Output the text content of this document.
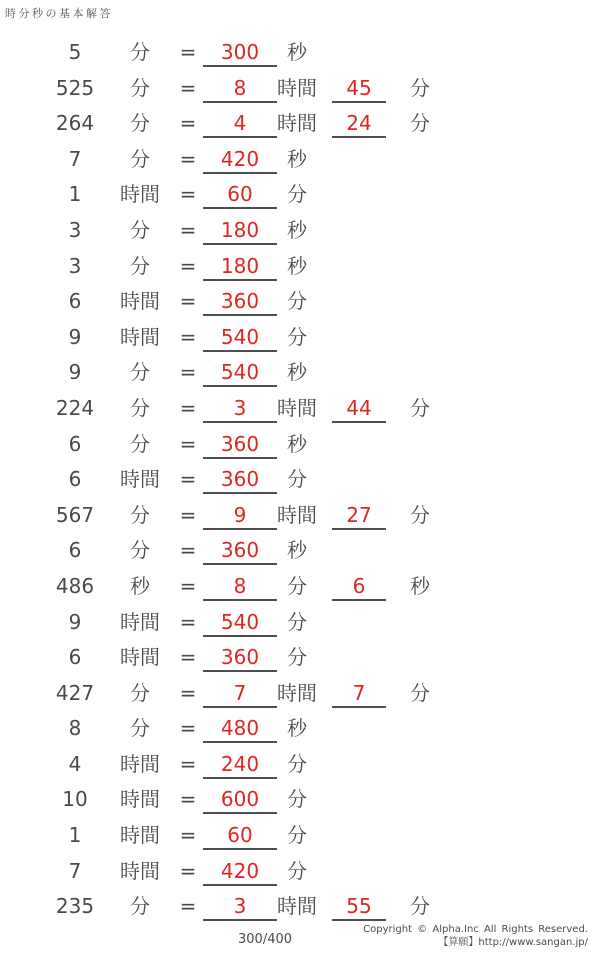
時分秒の基本解答
5	分	=	300	秒
525	分	=	8	時間	45	分
264	分	=	4	時間	24	分
7	分	=	420	秒
1	時間 =	60	分
3	分	=	180	秒
3	分	=	180	秒
6	時間 =	360	分
9	時間 =	540	分
9	分	=	540	秒
224	分	=	3	時間	44	分
6	分	=	360	秒
6	時間 =	360	分
567	分	=	9	時間	27	分
6	分	=	360	秒
486	秒	=	8	分	6	秒
9	時間 =	540	分
6	時間 =	360	分
427	分	=	7	時間	7	分
8	分	=	480	秒
4	時間 =	240	分
10	時間 =	600	分
1	時間 =	60	分
7	時間 =	420	分
235	分	=	3	時間	55	分
300/400
Copyright © Alpha.Inc All Rights Reserved.
【算願】http://www.sangan.jp/
